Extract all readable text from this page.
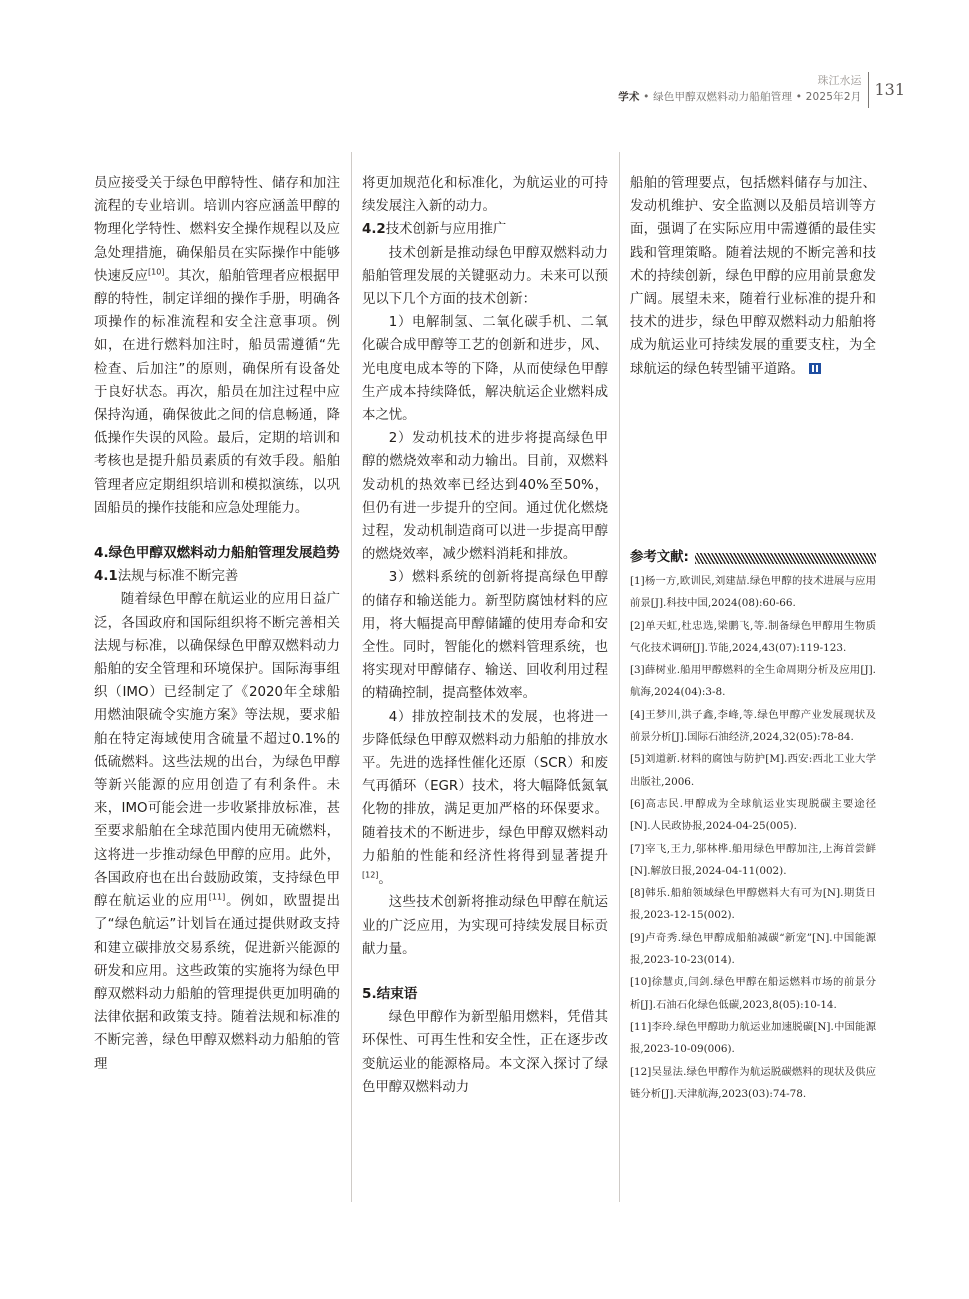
珠江水运
学术 • 绿色甲醇双燃料动力船舶管理 • 2025年2月 131

员应接受关于绿色甲醇特性、储存和加注流程的专业培训。培训内容应涵盖甲醇的物理化学特性、燃料安全操作规程以及应急处理措施，确保船员在实际操作中能够快速反应[10]。其次，船舶管理者应根据甲醇的特性，制定详细的操作手册，明确各项操作的标准流程和安全注意事项。例如，在进行燃料加注时，船员需遵循“先检查、后加注”的原则，确保所有设备处于良好状态。再次，船员在加注过程中应保持沟通，确保彼此之间的信息畅通，降低操作失误的风险。最后，定期的培训和考核也是提升船员素质的有效手段。船舶管理者应定期组织培训和模拟演练，以巩固船员的操作技能和应急处理能力。

4.绿色甲醇双燃料动力船舶管理发展趋势
4.1法规与标准不断完善

随着绿色甲醇在航运业的应用日益广泛，各国政府和国际组织将不断完善相关法规与标准，以确保绿色甲醇双燃料动力船舶的安全管理和环境保护。国际海事组织（IMO）已经制定了《2020年全球船用燃油限硫令实施方案》等法规，要求船舶在特定海域使用含硫量不超过0.1%的低硫燃料。这些法规的出台，为绿色甲醇等新兴能源的应用创造了有利条件。未来，IMO可能会进一步收紧排放标准，甚至要求船舶在全球范围内使用无硫燃料，这将进一步推动绿色甲醇的应用。此外，各国政府也在出台鼓励政策，支持绿色甲醇在航运业的应用[11]。例如，欧盟提出了“绿色航运”计划旨在通过提供财政支持和建立碳排放交易系统，促进新兴能源的研发和应用。这些政策的实施将为绿色甲醇双燃料动力船舶的管理提供更加明确的法律依据和政策支持。随着法规和标准的不断完善，绿色甲醇双燃料动力船舶的管理

将更加规范化和标准化，为航运业的可持续发展注入新的动力。

4.2技术创新与应用推广

技术创新是推动绿色甲醇双燃料动力船舶管理发展的关键驱动力。未来可以预见以下几个方面的技术创新：

1）电解制氢、二氧化碳手机、二氧化碳合成甲醇等工艺的创新和进步，风、光电度电成本等的下降，从而使绿色甲醇生产成本持续降低，解决航运企业燃料成本之忧。

2）发动机技术的进步将提高绿色甲醇的燃烧效率和动力输出。目前，双燃料发动机的热效率已经达到40%至50%，但仍有进一步提升的空间。通过优化燃烧过程，发动机制造商可以进一步提高甲醇的燃烧效率，减少燃料消耗和排放。

3）燃料系统的创新将提高绿色甲醇的储存和输送能力。新型防腐蚀材料的应用，将大幅提高甲醇储罐的使用寿命和安全性。同时，智能化的燃料管理系统，也将实现对甲醇储存、输送、回收利用过程的精确控制，提高整体效率。

4）排放控制技术的发展，也将进一步降低绿色甲醇双燃料动力船舶的排放水平。先进的选择性催化还原（SCR）和废气再循环（EGR）技术，将大幅降低氮氧化物的排放，满足更加严格的环保要求。随着技术的不断进步，绿色甲醇双燃料动力船舶的性能和经济性将得到显著提升[12]。

这些技术创新将推动绿色甲醇在航运业的广泛应用，为实现可持续发展目标贡献力量。

5.结束语

绿色甲醇作为新型船用燃料，凭借其环保性、可再生性和安全性，正在逐步改变航运业的能源格局。本文深入探讨了绿色甲醇双燃料动力

船舶的管理要点，包括燃料储存与加注、发动机维护、安全监测以及船员培训等方面，强调了在实际应用中需遵循的最佳实践和管理策略。随着法规的不断完善和技术的持续创新，绿色甲醇的应用前景愈发广阔。展望未来，随着行业标准的提升和技术的进步，绿色甲醇双燃料动力船舶将成为航运业可持续发展的重要支柱，为全球航运的绿色转型铺平道路。

参考文献:

[1]杨一方,欧训民,刘建喆.绿色甲醇的技术进展与应用前景[J].科技中国,2024(08):60-66.

[2]单天虹,杜忠选,梁鹏飞,等.制备绿色甲醇用生物质气化技术调研[J].节能,2024,43(07):119-123.

[3]薛树业.船用甲醇燃料的全生命周期分析及应用[J].航海,2024(04):3-8.

[4]王梦川,洪子鑫,李峰,等.绿色甲醇产业发展现状及前景分析[J].国际石油经济,2024,32(05):78-84.

[5]刘道新.材料的腐蚀与防护[M].西安:西北工业大学出版社,2006.

[6]高志民.甲醇成为全球航运业实现脱碳主要途径[N].人民政协报,2024-04-25(005).

[7]宰飞,王力,邬林桦.船用绿色甲醇加注,上海首尝鲜[N].解放日报,2024-04-11(002).

[8]韩乐.船舶领域绿色甲醇燃料大有可为[N].期货日报,2023-12-15(002).

[9]卢奇秀.绿色甲醇成船舶减碳“新宠”[N].中国能源报,2023-10-23(014).

[10]徐慧贞,闫剑.绿色甲醇在船运燃料市场的前景分析[J].石油石化绿色低碳,2023,8(05):10-14.

[11]李玲.绿色甲醇助力航运业加速脱碳[N].中国能源报,2023-10-09(006).

[12]吴显法.绿色甲醇作为航运脱碳燃料的现状及供应链分析[J].天津航海,2023(03):74-78.
